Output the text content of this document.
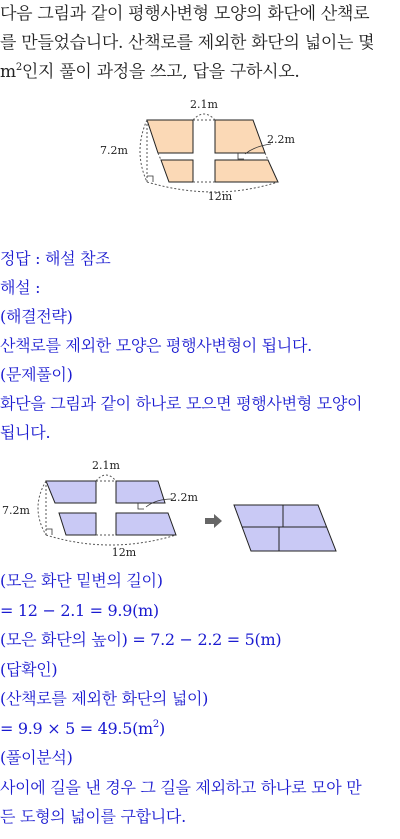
다음 그림과 같이 평행사변형 모양의 화단에 산책로
를 만들었습니다. 산책로를 제외한 화단의 넓이는 몇
$m^2$인지 풀이 과정을 쓰고, 답을 구하시오.
2.1m
7.2m
2.2m
12m
정답 : 해설 참조
해설 :
(해결전략)
산책로를 제외한 모양은 평행사변형이 됩니다.
(문제풀이)
화단을 그림과 같이 하나로 모으면 평행사변형 모양이
됩니다.
2.1m
7.2m
2.2m
12m
(모은 화단 밑변의 길이)
= 12 − 2.1 = 9.9(m)
(모은 화단의 높이) = 7.2 − 2.2 = 5(m)
(답확인)
(산책로를 제외한 화단의 넓이)
= $9.9 \times 5 = 49.5(m^2)$
(풀이분석)
사이에 길을 낸 경우 그 길을 제외하고 하나로 모아 만
든 도형의 넓이를 구합니다.
